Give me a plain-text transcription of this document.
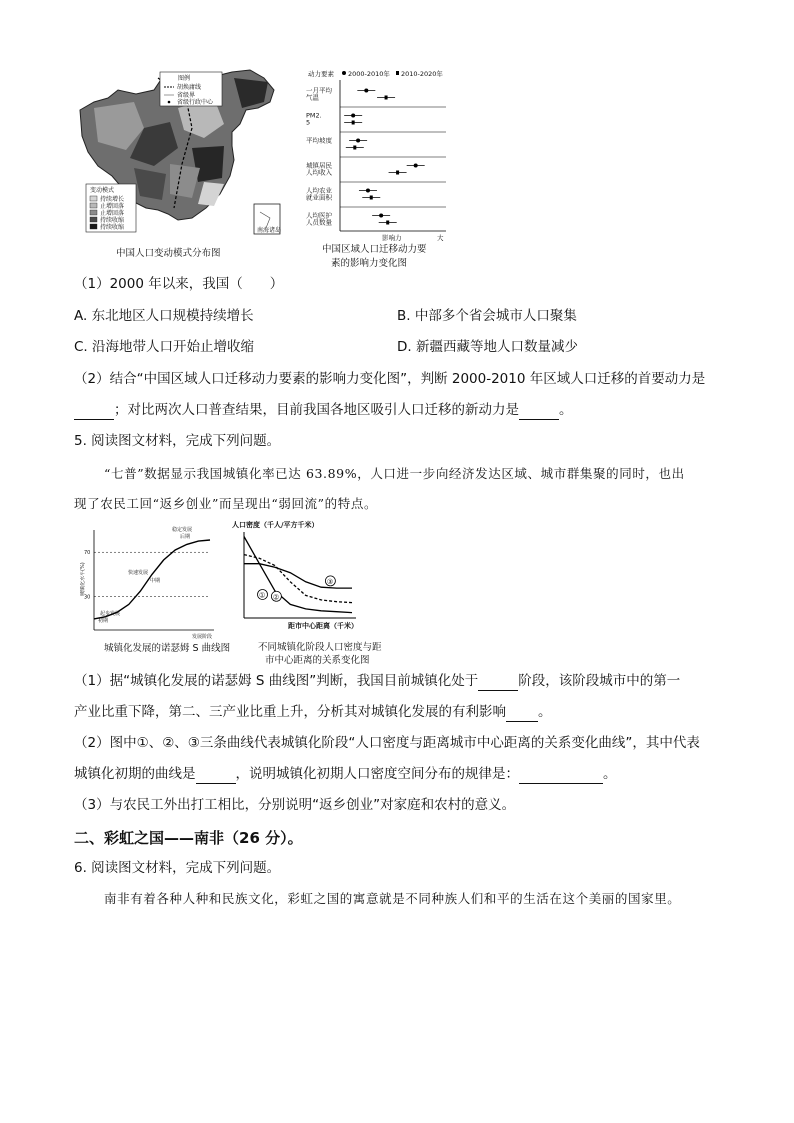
南海诸岛
图例
胡焕庸线
省级界
省级行政中心
变动模式
持续增长
止增回落
止增回落
持续收缩
持续收缩
中国人口变动模式分布图
动力要素 2000-2010年 2010-2020年
一月平均
气温
PM2.
5
平均坡度
城镇居民
人均收入
人均农业
就业面积
人均医护
人员数量
影响力	大
中国区域人口迁移动力要
素的影响力变化图
（1）2000 年以来，我国（　　）
A. 东北地区人口规模持续增长	B. 中部多个省会城市人口聚集
C. 沿海地带人口开始止增收缩	D. 新疆西藏等地人口数量减少
（2）结合“中国区域人口迁移动力要素的影响力变化图”，判断 2000-2010 年区域人口迁移的首要动力是
；对比两次人口普查结果，目前我国各地区吸引人口迁移的新动力是	。
5. 阅读图文材料，完成下列问题。
“七普”数据显示我国城镇化率已达 63.89%，人口进一步向经济发达区域、城市群集聚的同时，也出
现了农民工回“返乡创业”而呈现出“弱回流”的特点。
城镇化水平(%)
发展阶段
30
70
初期
起步发展
中期
快速发展
后期
稳定发展
城镇化发展的诺瑟姆 S 曲线图
人口密度（千人/平方千米）
距市中心距离（千米）
① ②
③
不同城镇化阶段人口密度与距
市中心距离的关系变化图
（1）据“城镇化发展的诺瑟姆 S 曲线图”判断，我国目前城镇化处于	阶段，该阶段城市中的第一
产业比重下降，第二、三产业比重上升，分析其对城镇化发展的有利影响 。
（2）图中①、②、③三条曲线代表城镇化阶段“人口密度与距离城市中心距离的关系变化曲线”，其中代表
城镇化初期的曲线是	，说明城镇化初期人口密度空间分布的规律是：	。
（3）与农民工外出打工相比，分别说明“返乡创业”对家庭和农村的意义。
二、彩虹之国——南非（26 分）。
6. 阅读图文材料，完成下列问题。
南非有着各种人种和民族文化，彩虹之国的寓意就是不同种族人们和平的生活在这个美丽的国家里。
